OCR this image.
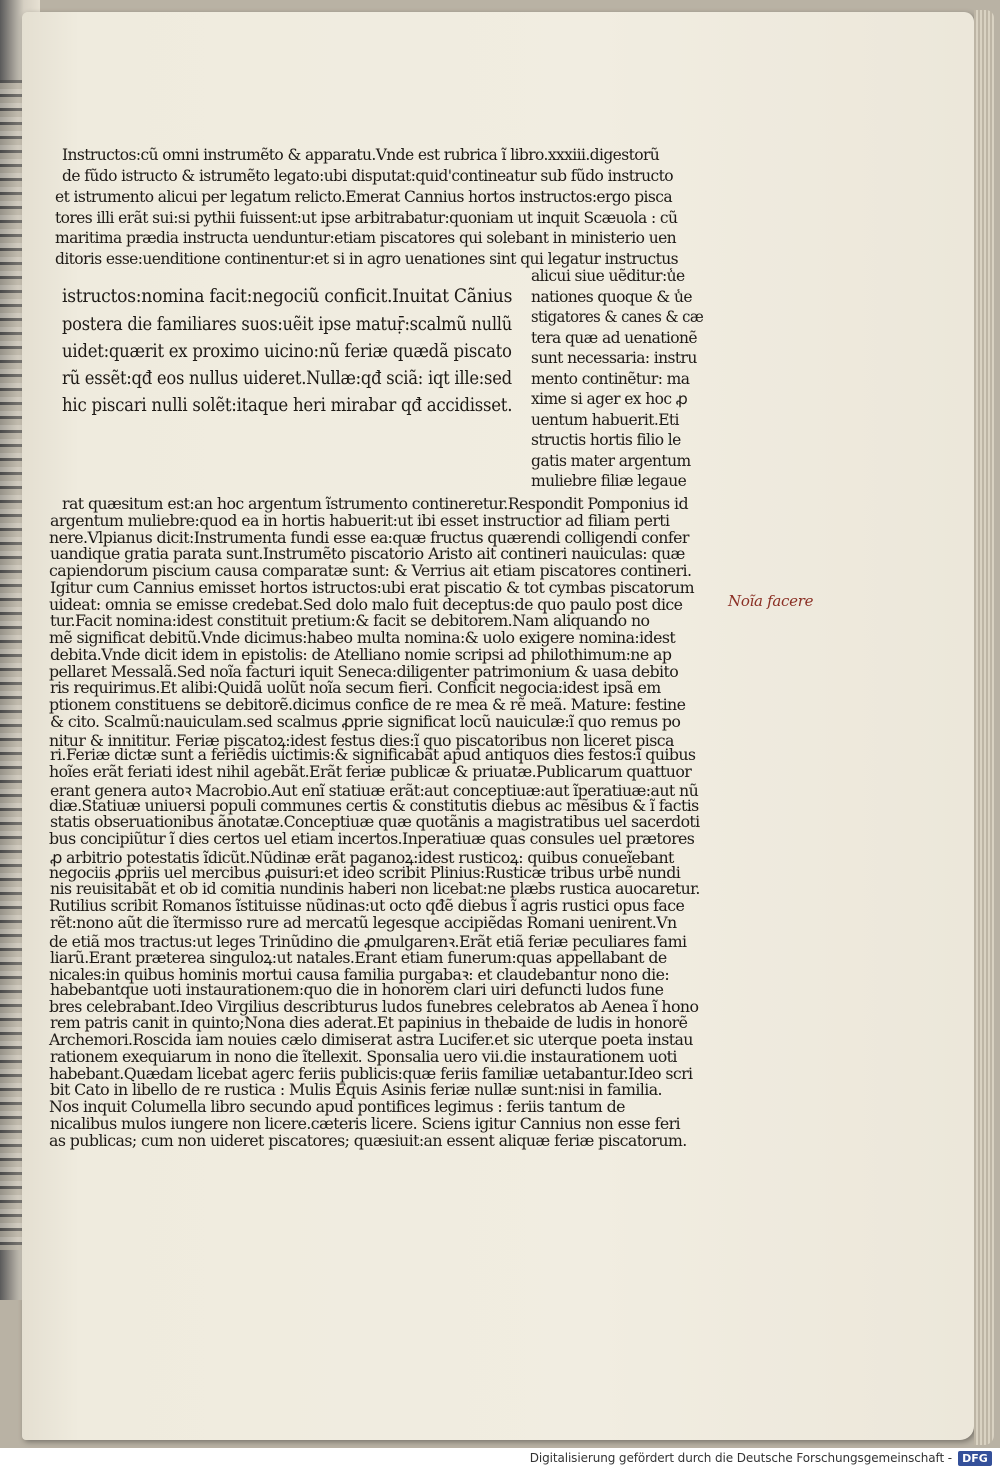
Instructos:cũ omni instrumẽto & apparatu.Vnde est rubrica ĩ libro.xxxiii.digestorũ

de fũdo istructo & istrumẽto legato:ubi disputat:quid'contineatur sub fũdo instructo

et istrumento alicui per legatum relicto.Emerat Cannius hortos instructos:ergo pisca

tores illi erãt sui:si pythii fuissent:ut ipse arbitrabatur:quoniam ut inquit Scæuola : cũ

maritima prædia instructa uenduntur:etiam piscatores qui solebant in ministerio uen

ditoris esse:uenditione continentur:et si in agro uenationes sint qui legatur instructus

istructos:nomina facit:negociũ conficit.Inuitat Cãnius

postera die familiares suos:uẽit ipse matuṝ:scalmũ nullũ

uidet:quærit ex proximo uicino:nũ feriæ quædã piscato

rũ essẽt:qđ eos nullus uideret.Nullæ:qđ sciã: iqt ille:sed

hic piscari nulli solẽt:itaque heri mirabar qđ accidisset.

alicui siue uẽditur:u̾e

nationes quoque & u̾e

stigatores & canes & cæ

tera quæ ad uenationẽ

sunt necessaria: instru

mento continẽtur: ma

xime si ager ex hoc ꝓ

uentum habuerit.Eti

structis hortis filio le

gatis mater argentum

muliebre filiæ legaue

rat quæsitum est:an hoc argentum ĩstrumento contineretur.Respondit Pomponius id

argentum muliebre:quod ea in hortis habuerit:ut ibi esset instructior ad filiam perti

nere.Vlpianus dicit:Instrumenta fundi esse ea:quæ fructus quærendi colligendi confer

uandique gratia parata sunt.Instrumẽto piscatorio Aristo ait contineri nauiculas: quæ

capiendorum piscium causa comparatæ sunt: & Verrius ait etiam piscatores contineri.

Igitur cum Cannius emisset hortos istructos:ubi erat piscatio & tot cymbas piscatorum

uideat: omnia se emisse credebat.Sed dolo malo fuit deceptus:de quo paulo post dice

tur.Facit nomina:idest constituit pretium:& facit se debitorem.Nam aliquando no

mẽ significat debitũ.Vnde dicimus:habeo multa nomina:& uolo exigere nomina:idest

debita.Vnde dicit idem in epistolis: de Atelliano nomie scripsi ad philothimum:ne ap

pellaret Messalã.Sed noĩa facturi iquit Seneca:diligenter patrimonium & uasa debito

ris requirimus.Et alibi:Quidã uolũt noĩa secum fieri. Conficit negocia:idest ipsã em

ptionem constituens se debitorẽ.dicimus confice de re mea & rẽ meã. Mature: festine

& cito. Scalmũ:nauiculam.sed scalmus ꝓprie significat locũ nauiculæ:ĩ quo remus po

nitur & innititur. Feriæ piscatoꝝ:idest festus dies:ĩ quo piscatoribus non liceret pisca

ri.Feriæ dictæ sunt a feriẽdis uictimis:& significabãt apud antiquos dies festos:ĩ quibus

hoĩes erãt feriati idest nihil agebãt.Erãt feriæ publicæ & priuatæ.Publicarum quattuor

erant genera autoꝛ Macrobio.Aut enĩ statiuæ erãt:aut conceptiuæ:aut ĩperatiuæ:aut nũ

diæ.Statiuæ uniuersi populi communes certis & constitutis diebus ac mẽsibus & ĩ factis

statis obseruationibus ãnotatæ.Conceptiuæ quæ quotãnis a magistratibus uel sacerdoti

bus concipiũtur ĩ dies certos uel etiam incertos.Inperatiuæ quas consules uel prætores

ꝓ arbitrio potestatis ĩdicũt.Nũdinæ erãt paganoꝝ:idest rusticoꝝ: quibus conueĩebant

negociis ꝓpriis uel mercibus ꝓuisuri:et ideo scribit Plinius:Rusticæ tribus urbẽ nundi

nis reuisitabãt et ob id comitia nundinis haberi non licebat:ne plæbs rustica auocaretur.

Rutilius scribit Romanos ĩstituisse nũdinas:ut octo qđẽ diebus ĩ agris rustici opus face

rẽt:nono aũt die ĩtermisso rure ad mercatũ legesque accipiẽdas Romani uenirent.Vn

de etiã mos tractus:ut leges Trinũdino die ꝓmulgarenꝛ.Erãt etiã feriæ peculiares fami

liarũ.Erant præterea singuloꝝ:ut natales.Erant etiam funerum:quas appellabant de

nicales:in quibus hominis mortui causa familia purgabaꝛ: et claudebantur nono die:

habebantque uoti instaurationem:quo die in honorem clari uiri defuncti ludos fune

bres celebrabant.Ideo Virgilius describturus ludos funebres celebratos ab Aenea ĩ hono

rem patris canit in quinto;Nona dies aderat.Et papinius in thebaide de ludis in honorẽ

Archemori.Roscida iam nouies cælo dimiserat astra Lucifer.et sic uterque poeta instau

rationem exequiarum in nono die ĩtellexit. Sponsalia uero vii.die instaurationem uoti

habebant.Quædam licebat agerc feriis publicis:quæ feriis familiæ uetabantur.Ideo scri

bit Cato in libello de re rustica : Mulis Equis Asinis feriæ nullæ sunt:nisi in familia.

Nos inquit Columella libro secundo apud pontifices legimus : feriis tantum de

nicalibus mulos iungere non licere.cæteris licere. Sciens igitur Cannius non esse feri

as publicas; cum non uideret piscatores; quæsiuit:an essent aliquæ feriæ piscatorum.

Noĩa facere
Digitalisierung gefördert durch die Deutsche Forschungsgemeinschaft - DFG
